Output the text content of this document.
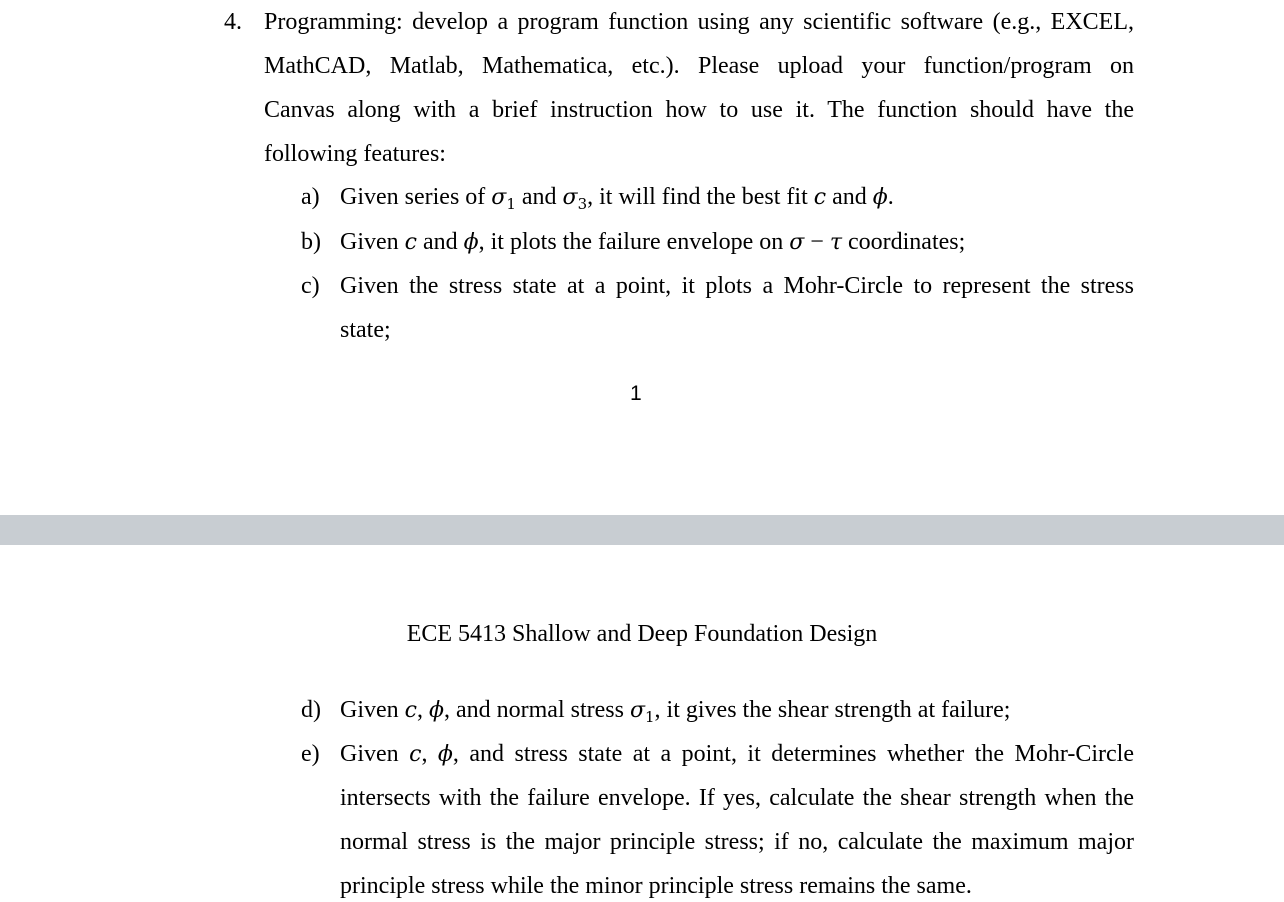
4. Programming: develop a program function using any scientific software (e.g., EXCEL,
MathCAD, Matlab, Mathematica, etc.). Please upload your function/program on
Canvas along with a brief instruction how to use it. The function should have the
following features:
a) Given series of $\sigma_1$ and $\sigma_3$, it will find the best fit c and ϕ.
b) Given c and ϕ, it plots the failure envelope on σ − τ coordinates;
c) Given the stress state at a point, it plots a Mohr-Circle to represent the stress
state;
1
ECE 5413 Shallow and Deep Foundation Design
d) Given c, ϕ, and normal stress $\sigma_1$, it gives the shear strength at failure;
e) Given c, ϕ, and stress state at a point, it determines whether the Mohr-Circle
intersects with the failure envelope. If yes, calculate the shear strength when the
normal stress is the major principle stress; if no, calculate the maximum major
principle stress while the minor principle stress remains the same.
